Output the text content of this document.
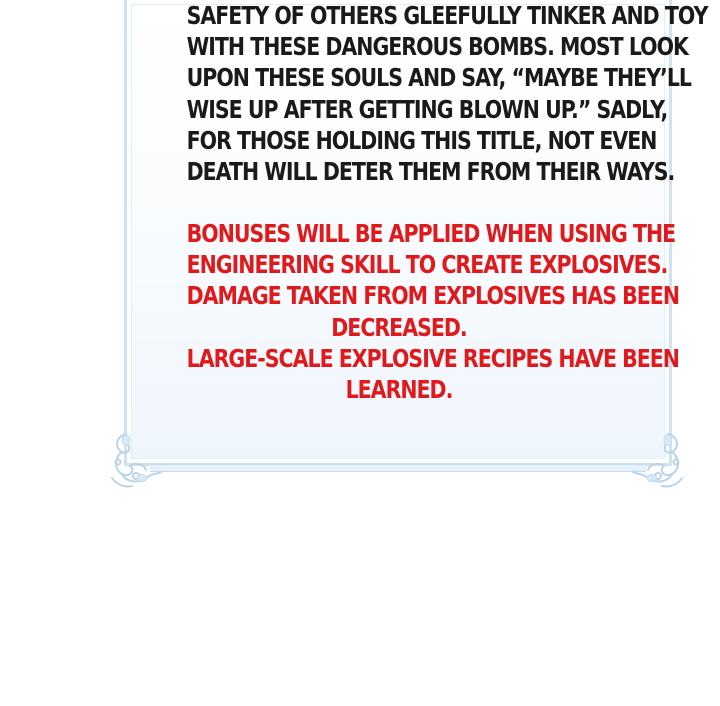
SAFETY OF OTHERS GLEEFULLY TINKER AND TOY
WITH THESE DANGEROUS BOMBS. MOST LOOK
UPON THESE SOULS AND SAY, “MAYBE THEY’LL
WISE UP AFTER GETTING BLOWN UP.” SADLY,
FOR THOSE HOLDING THIS TITLE, NOT EVEN
DEATH WILL DETER THEM FROM THEIR WAYS.
BONUSES WILL BE APPLIED WHEN USING THE
ENGINEERING SKILL TO CREATE EXPLOSIVES.
DAMAGE TAKEN FROM EXPLOSIVES HAS BEEN
DECREASED.
LARGE-SCALE EXPLOSIVE RECIPES HAVE BEEN
LEARNED.
